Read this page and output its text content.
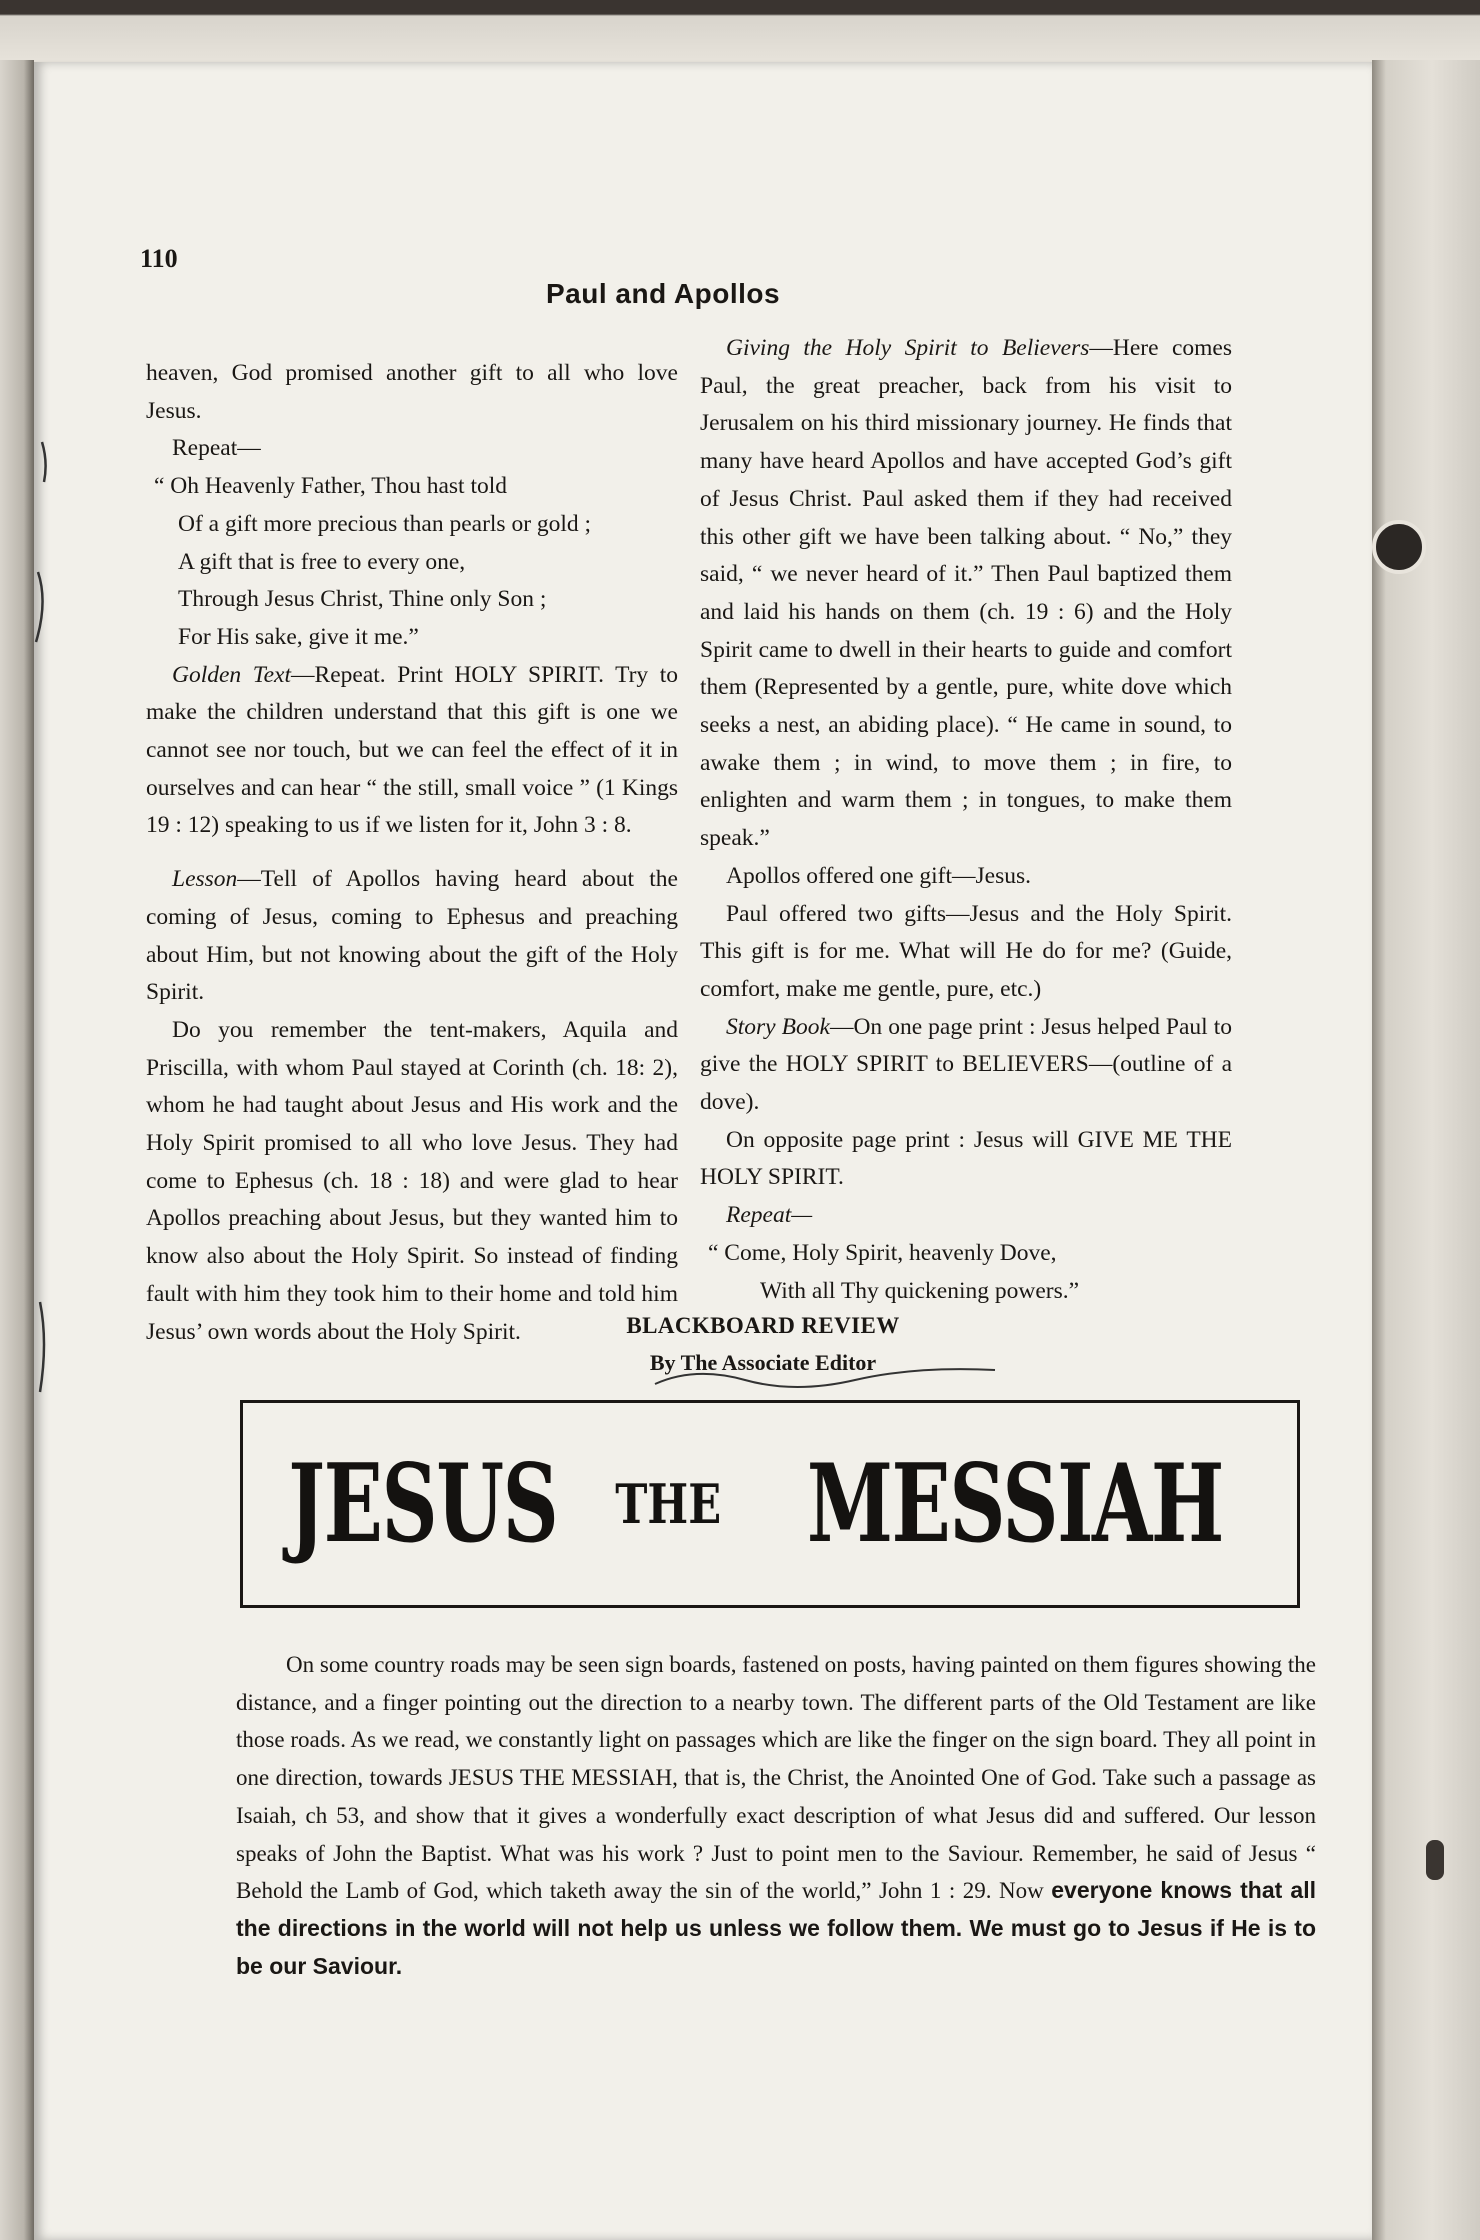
110
Paul and Apollos

heaven, God promised another gift to all who love Jesus.

Repeat—

“ Oh Heavenly Father, Thou hast told

Of a gift more precious than pearls or gold ;

A gift that is free to every one,

Through Jesus Christ, Thine only Son ;

For His sake, give it me.”

Golden Text—Repeat. Print HOLY SPIRIT. Try to make the children understand that this gift is one we cannot see nor touch, but we can feel the effect of it in ourselves and can hear “ the still, small voice ” (1 Kings 19 : 12) speaking to us if we listen for it, John 3 : 8.

Lesson—Tell of Apollos having heard about the coming of Jesus, coming to Ephesus and preaching about Him, but not knowing about the gift of the Holy Spirit.

Do you remember the tent-makers, Aquila and Priscilla, with whom Paul stayed at Corinth (ch. 18: 2), whom he had taught about Jesus and His work and the Holy Spirit promised to all who love Jesus. They had come to Ephesus (ch. 18 : 18) and were glad to hear Apollos preaching about Jesus, but they wanted him to know also about the Holy Spirit. So instead of finding fault with him they took him to their home and told him Jesus’ own words about the Holy Spirit.

Giving the Holy Spirit to Believers—Here comes Paul, the great preacher, back from his visit to Jerusalem on his third missionary journey. He finds that many have heard Apollos and have accepted God’s gift of Jesus Christ. Paul asked them if they had received this other gift we have been talking about. “ No,” they said, “ we never heard of it.” Then Paul baptized them and laid his hands on them (ch. 19 : 6) and the Holy Spirit came to dwell in their hearts to guide and comfort them (Represented by a gentle, pure, white dove which seeks a nest, an abiding place). “ He came in sound, to awake them ; in wind, to move them ; in fire, to enlighten and warm them ; in tongues, to make them speak.”

Apollos offered one gift—Jesus.

Paul offered two gifts—Jesus and the Holy Spirit. This gift is for me. What will He do for me? (Guide, comfort, make me gentle, pure, etc.)

Story Book—On one page print : Jesus helped Paul to give the HOLY SPIRIT to BELIEVERS—(outline of a dove).

On opposite page print : Jesus will GIVE ME THE HOLY SPIRIT.

Repeat—

“ Come, Holy Spirit, heavenly Dove,

With all Thy quickening powers.”

BLACKBOARD REVIEW
By The Associate Editor
JESUS THE MESSIAH

On some country roads may be seen sign boards, fastened on posts, having painted on them figures showing the distance, and a finger pointing out the direction to a nearby town. The different parts of the Old Testament are like those roads. As we read, we constantly light on passages which are like the finger on the sign board. They all point in one direction, towards JESUS THE MESSIAH, that is, the Christ, the Anointed One of God. Take such a passage as Isaiah, ch 53, and show that it gives a wonderfully exact description of what Jesus did and suffered. Our lesson speaks of John the Baptist. What was his work ? Just to point men to the Saviour. Remember, he said of Jesus “ Behold the Lamb of God, which taketh away the sin of the world,” John 1 : 29. Now everyone knows that all the directions in the world will not help us unless we follow them. We must go to Jesus if He is to be our Saviour.
